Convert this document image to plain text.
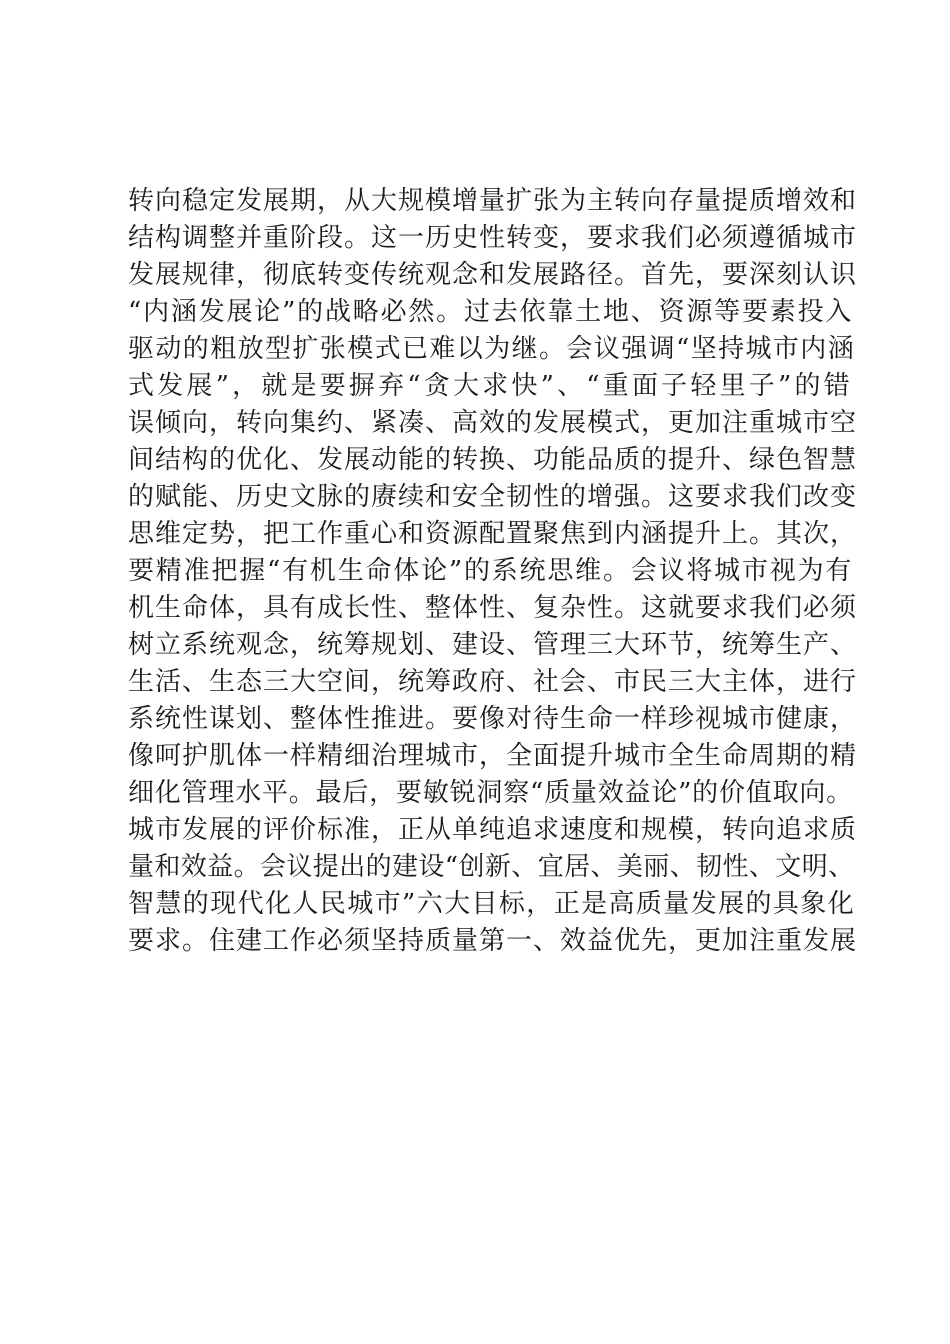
转向稳定发展期，从大规模增量扩张为主转向存量提质增效和
结构调整并重阶段。这一历史性转变，要求我们必须遵循城市
发展规律，彻底转变传统观念和发展路径。首先，要深刻认识
“内涵发展论”的战略必然。过去依靠土地、资源等要素投入
驱动的粗放型扩张模式已难以为继。会议强调“坚持城市内涵
式发展”，就是要摒弃“贪大求快”、“重面子轻里子”的错
误倾向，转向集约、紧凑、高效的发展模式，更加注重城市空
间结构的优化、发展动能的转换、功能品质的提升、绿色智慧
的赋能、历史文脉的赓续和安全韧性的增强。这要求我们改变
思维定势，把工作重心和资源配置聚焦到内涵提升上。其次，
要精准把握“有机生命体论”的系统思维。会议将城市视为有
机生命体，具有成长性、整体性、复杂性。这就要求我们必须
树立系统观念，统筹规划、建设、管理三大环节，统筹生产、
生活、生态三大空间，统筹政府、社会、市民三大主体，进行
系统性谋划、整体性推进。要像对待生命一样珍视城市健康，
像呵护肌体一样精细治理城市，全面提升城市全生命周期的精
细化管理水平。最后，要敏锐洞察“质量效益论”的价值取向。
城市发展的评价标准，正从单纯追求速度和规模，转向追求质
量和效益。会议提出的建设“创新、宜居、美丽、韧性、文明、
智慧的现代化人民城市”六大目标，正是高质量发展的具象化
要求。住建工作必须坚持质量第一、效益优先，更加注重发展
